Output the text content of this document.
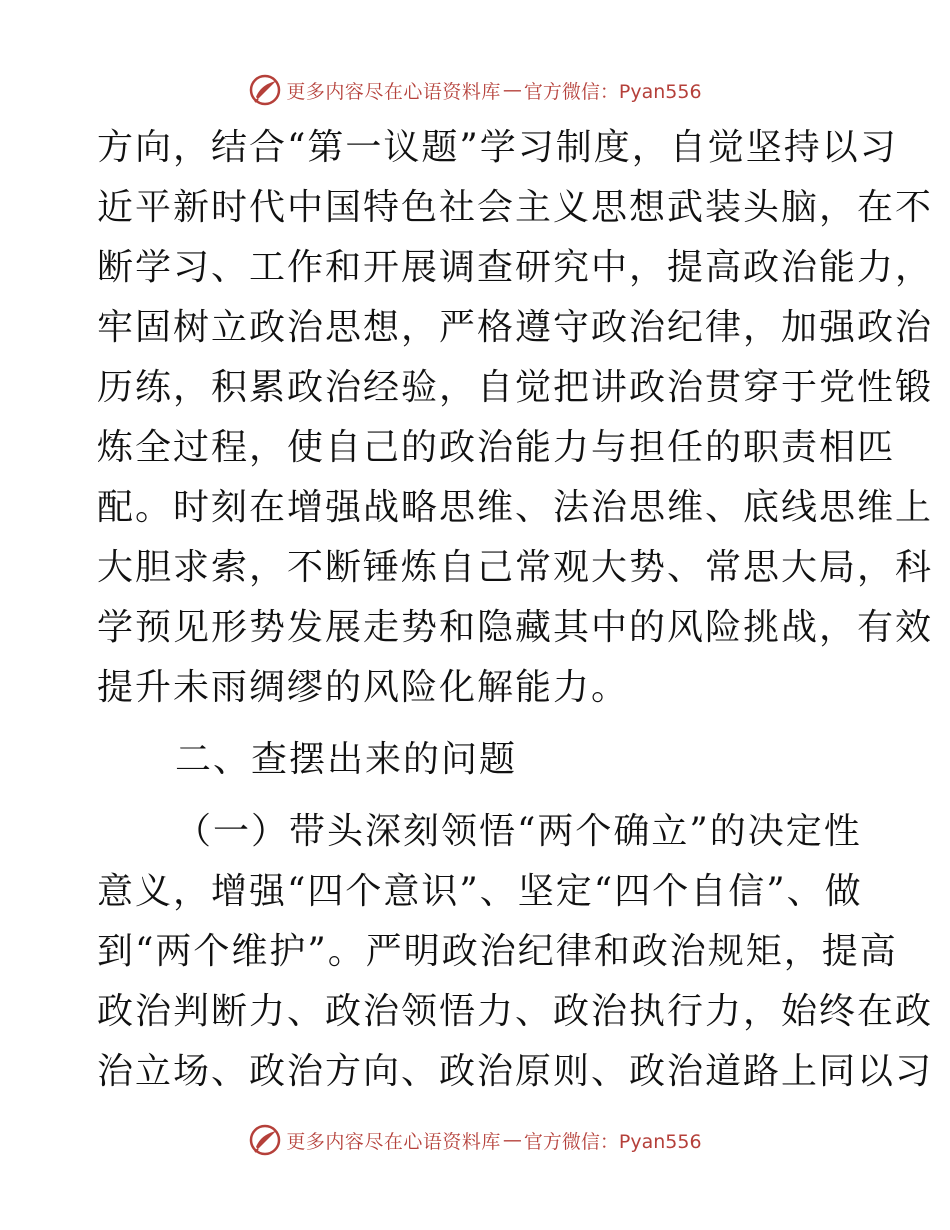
更多内容尽在心语资料库 — 官方微信：Pyan556
方向，结合“第一议题”学习制度，自觉坚持以习
近平新时代中国特色社会主义思想武装头脑，在不
断学习、工作和开展调查研究中，提高政治能力，
牢固树立政治思想，严格遵守政治纪律，加强政治
历练，积累政治经验，自觉把讲政治贯穿于党性锻
炼全过程，使自己的政治能力与担任的职责相匹
配。时刻在增强战略思维、法治思维、底线思维上
大胆求索，不断锤炼自己常观大势、常思大局，科
学预见形势发展走势和隐藏其中的风险挑战，有效
提升未雨绸缪的风险化解能力。
二、查摆出来的问题
（一）带头深刻领悟“两个确立”的决定性
意义，增强“四个意识”、坚定“四个自信”、做
到“两个维护”。严明政治纪律和政治规矩，提高
政治判断力、政治领悟力、政治执行力，始终在政
治立场、政治方向、政治原则、政治道路上同以习
更多内容尽在心语资料库 — 官方微信：Pyan556
